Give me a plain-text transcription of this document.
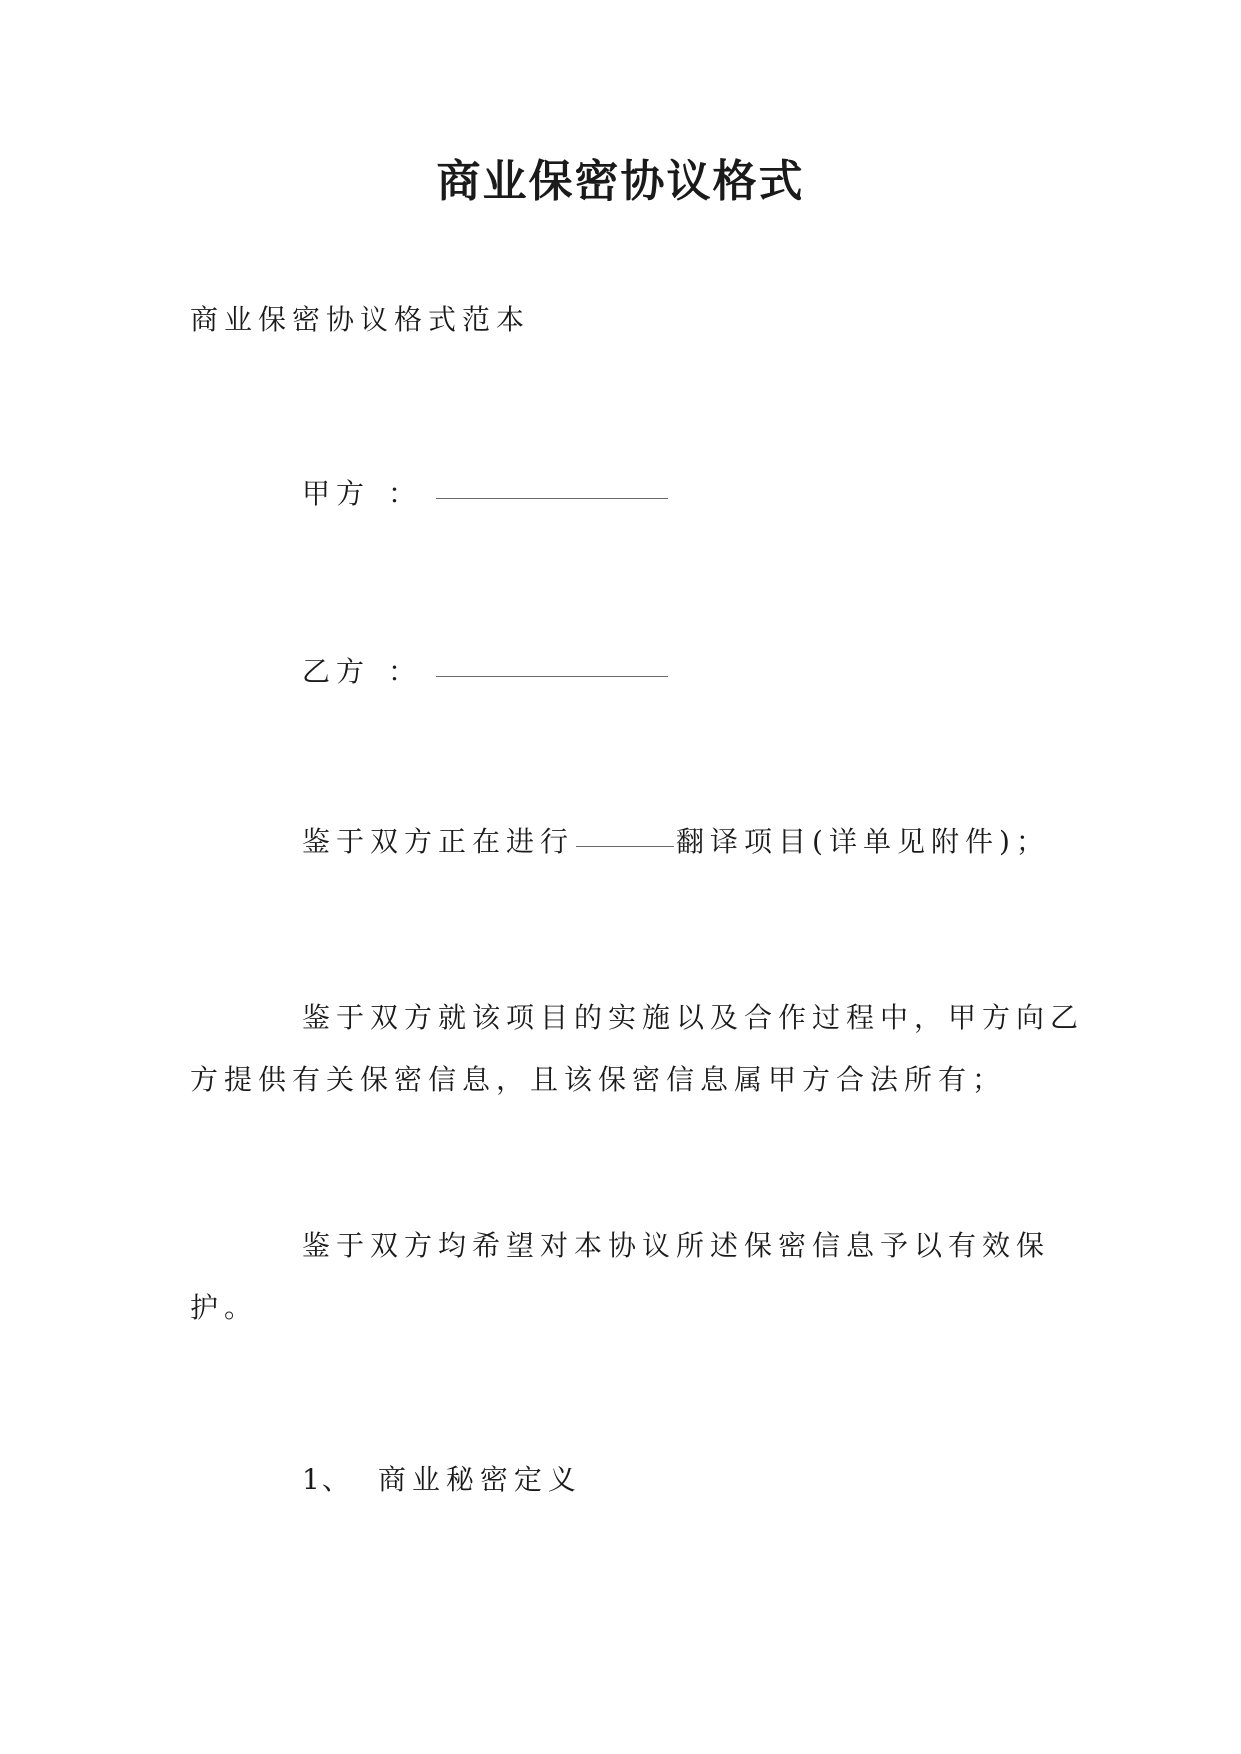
商业保密协议格式
商业保密协议格式范本
甲方 ：
乙方 ：
鉴于双方正在进行	翻译项目(详单见附件)；
鉴于双方就该项目的实施以及合作过程中，甲方向乙
方提供有关保密信息，且该保密信息属甲方合法所有；
鉴于双方均希望对本协议所述保密信息予以有效保
护。
1、 商业秘密定义
